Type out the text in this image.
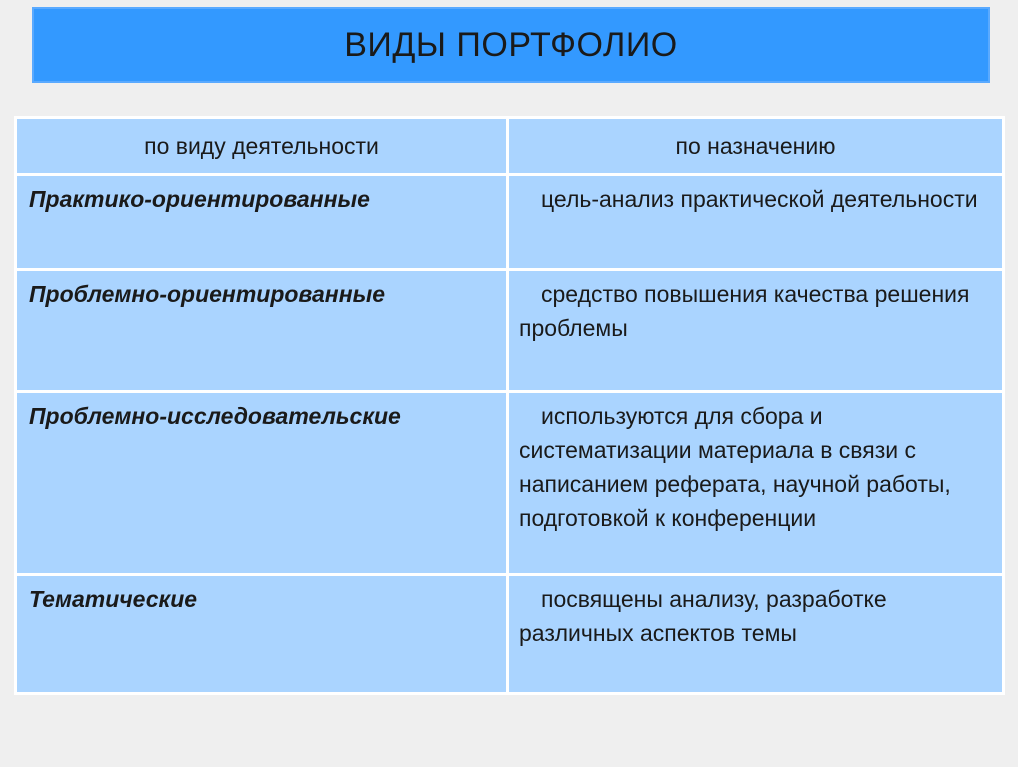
ВИДЫ ПОРТФОЛИО
по виду деятельности	по назначению
Практико-ориентированные	цель-анализ практической деятельности

Проблемно-ориентированные	средство повышения качества решения проблемы

Проблемно-исследовательские	используются для сбора и систематизации материала в связи с написанием реферата, научной работы, подготовкой к конференции

Тематические	посвящены анализу, разработке различных аспектов темы
